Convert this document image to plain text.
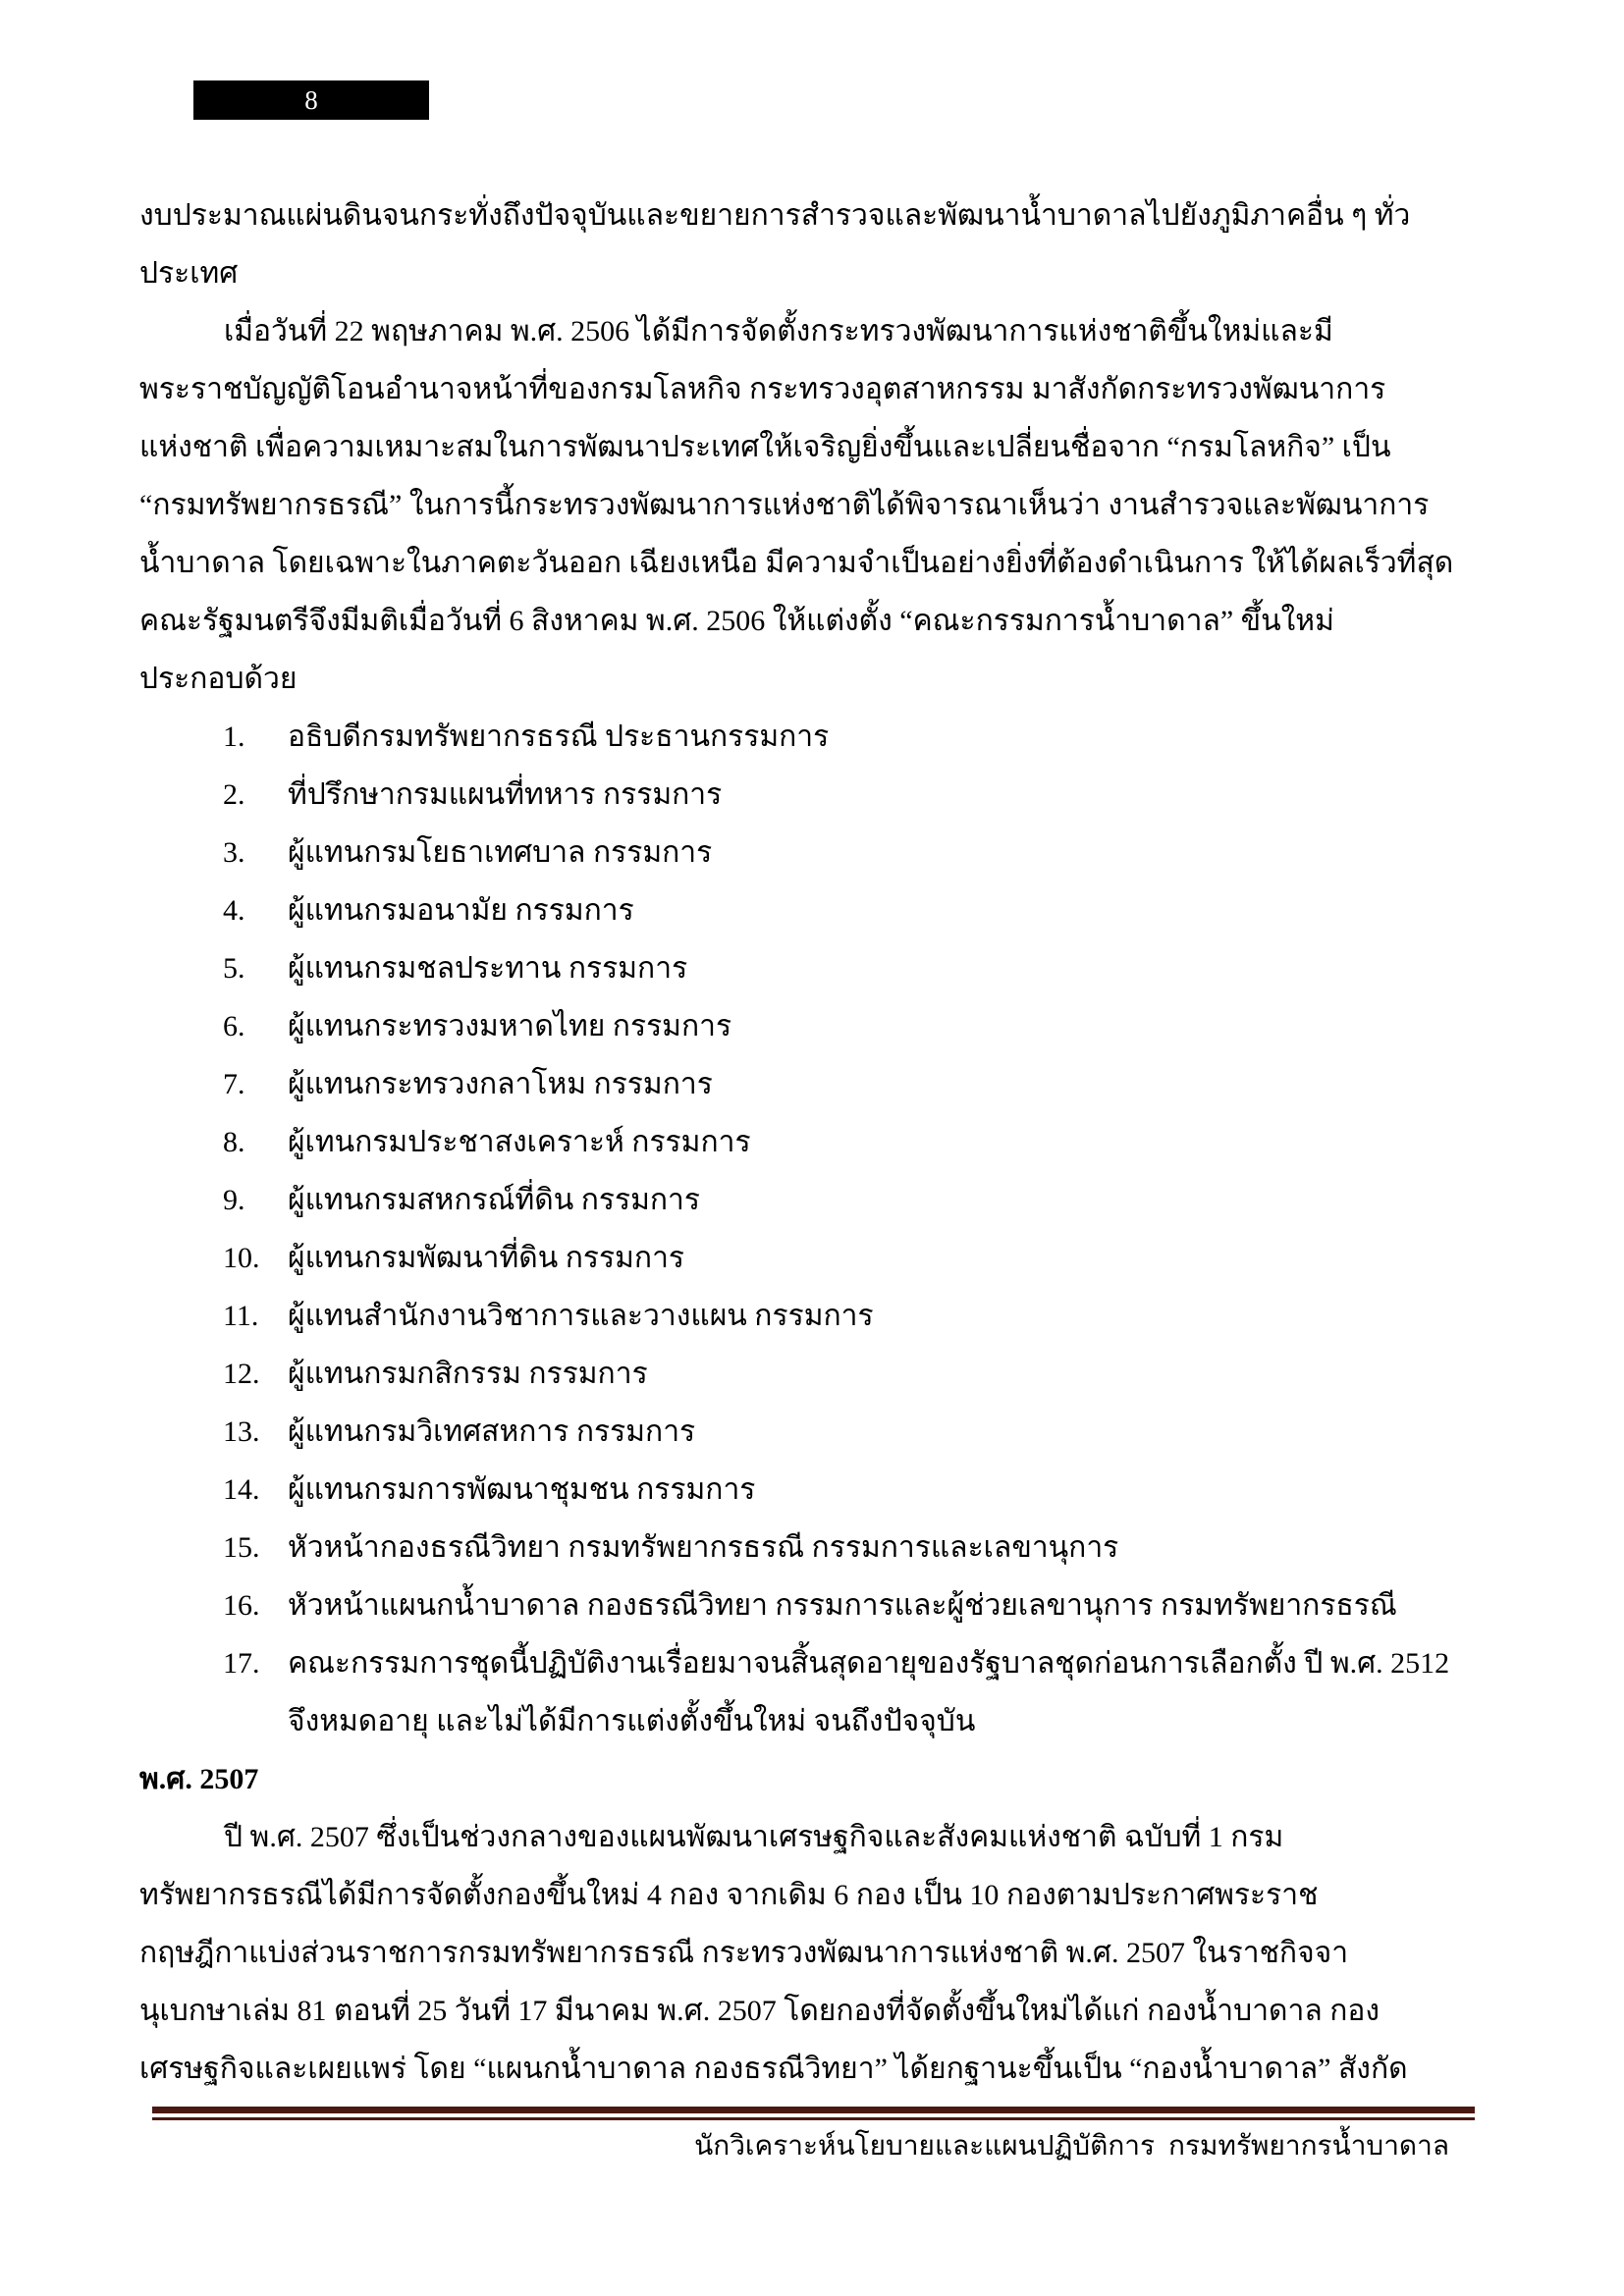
8
งบประมาณแผ่นดินจนกระทั่งถึงปัจจุบันและขยายการสำรวจและพัฒนาน้ำบาดาลไปยังภูมิภาคอื่น ๆ ทั่ว
ประเทศ
เมื่อวันที่ 22 พฤษภาคม พ.ศ. 2506 ได้มีการจัดตั้งกระทรวงพัฒนาการแห่งชาติขึ้นใหม่และมี
พระราชบัญญัติโอนอำนาจหน้าที่ของกรมโลหกิจ กระทรวงอุตสาหกรรม มาสังกัดกระทรวงพัฒนาการ
แห่งชาติ เพื่อความเหมาะสมในการพัฒนาประเทศให้เจริญยิ่งขึ้นและเปลี่ยนชื่อจาก “กรมโลหกิจ” เป็น
“กรมทรัพยากรธรณี” ในการนี้กระทรวงพัฒนาการแห่งชาติได้พิจารณาเห็นว่า งานสำรวจและพัฒนาการ
น้ำบาดาล โดยเฉพาะในภาคตะวันออก เฉียงเหนือ มีความจำเป็นอย่างยิ่งที่ต้องดำเนินการ ให้ได้ผลเร็วที่สุด
คณะรัฐมนตรีจึงมีมติเมื่อวันที่ 6 สิงหาคม พ.ศ. 2506 ให้แต่งตั้ง “คณะกรรมการน้ำบาดาล” ขึ้นใหม่
ประกอบด้วย
1.	อธิบดีกรมทรัพยากรธรณี ประธานกรรมการ
2.	ที่ปรึกษากรมแผนที่ทหาร กรรมการ
3.	ผู้แทนกรมโยธาเทศบาล กรรมการ
4.	ผู้แทนกรมอนามัย กรรมการ
5.	ผู้แทนกรมชลประทาน กรรมการ
6.	ผู้แทนกระทรวงมหาดไทย กรรมการ
7.	ผู้แทนกระทรวงกลาโหม กรรมการ
8.	ผู้เทนกรมประชาสงเคราะห์ กรรมการ
9.	ผู้แทนกรมสหกรณ์ที่ดิน กรรมการ
10. ผู้แทนกรมพัฒนาที่ดิน กรรมการ
11. ผู้แทนสำนักงานวิชาการและวางแผน กรรมการ
12. ผู้แทนกรมกสิกรรม กรรมการ
13. ผู้แทนกรมวิเทศสหการ กรรมการ
14. ผู้แทนกรมการพัฒนาชุมชน กรรมการ
15. หัวหน้ากองธรณีวิทยา กรมทรัพยากรธรณี กรรมการและเลขานุการ
16. หัวหน้าแผนกน้ำบาดาล กองธรณีวิทยา กรรมการและผู้ช่วยเลขานุการ กรมทรัพยากรธรณี
17. คณะกรรมการชุดนี้ปฏิบัติงานเรื่อยมาจนสิ้นสุดอายุของรัฐบาลชุดก่อนการเลือกตั้ง ปี พ.ศ. 2512
จึงหมดอายุ และไม่ได้มีการแต่งตั้งขึ้นใหม่ จนถึงปัจจุบัน
พ.ศ. 2507
ปี พ.ศ. 2507 ซึ่งเป็นช่วงกลางของแผนพัฒนาเศรษฐกิจและสังคมแห่งชาติ ฉบับที่ 1 กรม
ทรัพยากรธรณีได้มีการจัดตั้งกองขึ้นใหม่ 4 กอง จากเดิม 6 กอง เป็น 10 กองตามประกาศพระราช
กฤษฎีกาแบ่งส่วนราชการกรมทรัพยากรธรณี กระทรวงพัฒนาการแห่งชาติ พ.ศ. 2507 ในราชกิจจา
นุเบกษาเล่ม 81 ตอนที่ 25 วันที่ 17 มีนาคม พ.ศ. 2507 โดยกองที่จัดตั้งขึ้นใหม่ได้แก่ กองน้ำบาดาล กอง
เศรษฐกิจและเผยแพร่ โดย “แผนกน้ำบาดาล กองธรณีวิทยา” ได้ยกฐานะขึ้นเป็น “กองน้ำบาดาล” สังกัด
นักวิเคราะห์นโยบายและแผนปฏิบัติการ  กรมทรัพยากรน้ำบาดาล
